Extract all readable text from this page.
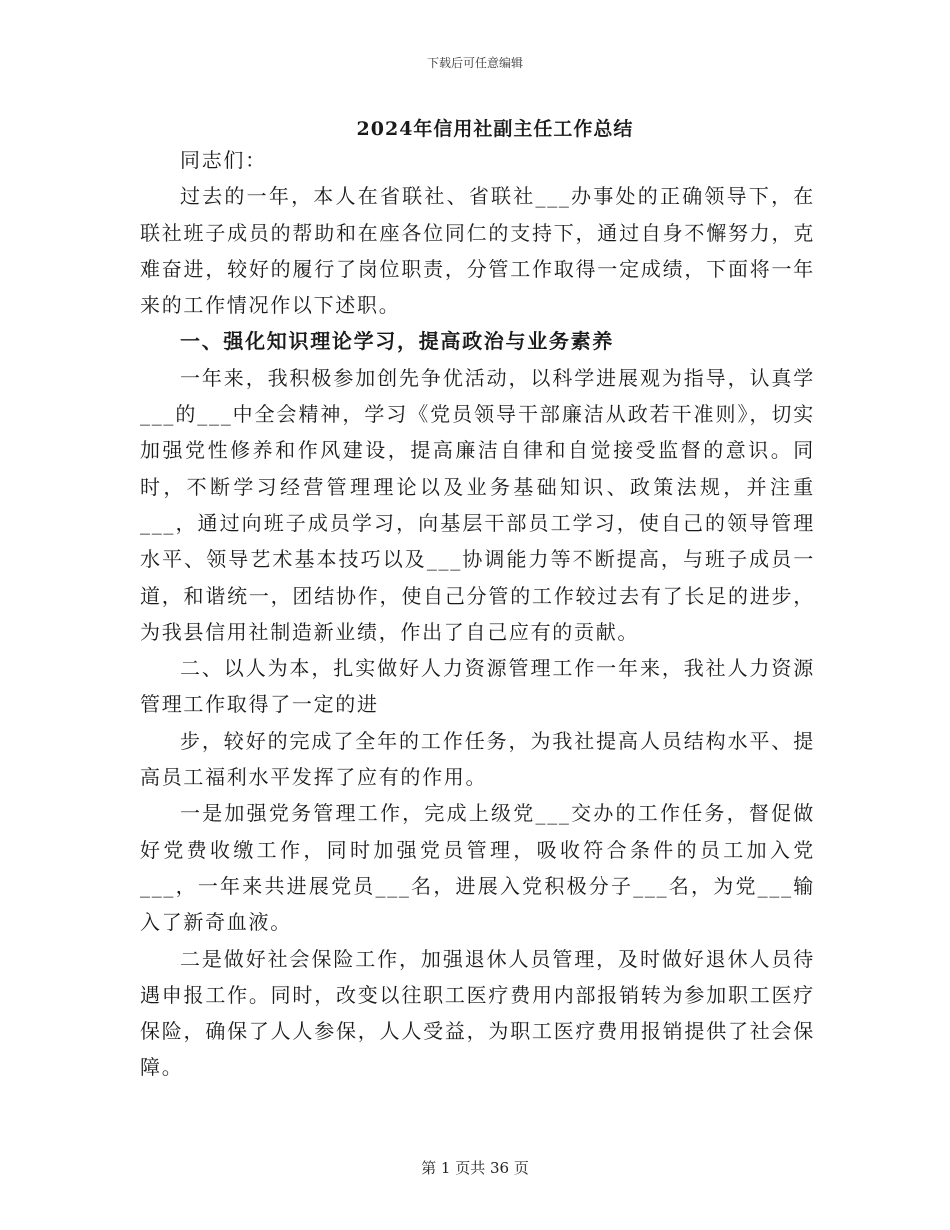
下载后可任意编辑
2024年信用社副主任工作总结

同志们：

过去的一年，本人在省联社、省联社___办事处的正确领导下，在联社班子成员的帮助和在座各位同仁的支持下，通过自身不懈努力，克难奋进，较好的履行了岗位职责，分管工作取得一定成绩，下面将一年来的工作情况作以下述职。

一、强化知识理论学习，提高政治与业务素养

一年来，我积极参加创先争优活动，以科学进展观为指导，认真学___的___中全会精神，学习《党员领导干部廉洁从政若干准则》，切实加强党性修养和作风建设，提高廉洁自律和自觉接受监督的意识。同时，不断学习经营管理理论以及业务基础知识、政策法规，并注重___，通过向班子成员学习，向基层干部员工学习，使自己的领导管理水平、领导艺术基本技巧以及___协调能力等不断提高，与班子成员一道，和谐统一，团结协作，使自己分管的工作较过去有了长足的进步，为我县信用社制造新业绩，作出了自己应有的贡献。

二、以人为本，扎实做好人力资源管理工作一年来，我社人力资源管理工作取得了一定的进

步，较好的完成了全年的工作任务，为我社提高人员结构水平、提高员工福利水平发挥了应有的作用。

一是加强党务管理工作，完成上级党___交办的工作任务，督促做好党费收缴工作，同时加强党员管理，吸收符合条件的员工加入党___，一年来共进展党员___名，进展入党积极分子___名，为党___输入了新奇血液。

二是做好社会保险工作，加强退休人员管理，及时做好退休人员待遇申报工作。同时，改变以往职工医疗费用内部报销转为参加职工医疗保险，确保了人人参保，人人受益，为职工医疗费用报销提供了社会保障。

第 1 页共 36 页
